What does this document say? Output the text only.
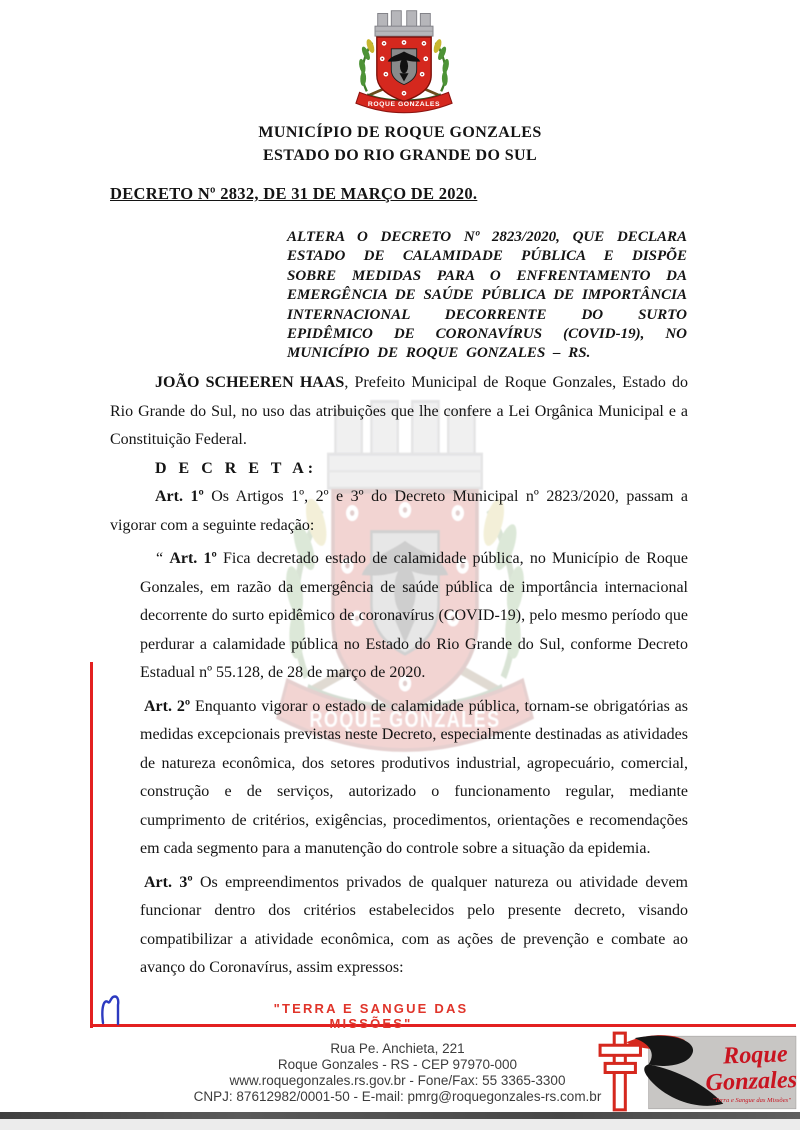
MUNICÍPIO DE ROQUE GONZALES
ESTADO DO RIO GRANDE DO SUL
DECRETO Nº 2832, DE 31 DE MARÇO DE 2020.
ALTERA O DECRETO Nº 2823/2020, QUE DECLARA ESTADO DE CALAMIDADE PÚBLICA E DISPÕE SOBRE MEDIDAS PARA O ENFRENTAMENTO DA EMERGÊNCIA DE SAÚDE PÚBLICA DE IMPORTÂNCIA INTERNACIONAL DECORRENTE DO SURTO EPIDÊMICO DE CORONAVÍRUS (COVID-19), NO MUNICÍPIO DE ROQUE GONZALES – RS.

JOÃO SCHEEREN HAAS, Prefeito Municipal de Roque Gonzales, Estado do Rio Grande do Sul, no uso das atribuições que lhe confere a Lei Orgânica Municipal e a Constituição Federal.

D E C R E T A:

Art. 1º Os Artigos 1º, 2º e 3º do Decreto Municipal nº 2823/2020, passam a vigorar com a seguinte redação:

“ Art. 1º Fica decretado estado de calamidade pública, no Município de Roque Gonzales, em razão da emergência de saúde pública de importância internacional decorrente do surto epidêmico de coronavírus (COVID-19), pelo mesmo período que perdurar a calamidade pública no Estado do Rio Grande do Sul, conforme Decreto Estadual nº 55.128, de 28 de março de 2020.

Art. 2º Enquanto vigorar o estado de calamidade pública, tornam-se obrigatórias as medidas excepcionais previstas neste Decreto, especialmente destinadas as atividades de natureza econômica, dos setores produtivos industrial, agropecuário, comercial, construção e de serviços, autorizado o funcionamento regular, mediante cumprimento de critérios, exigências, procedimentos, orientações e recomendações em cada segmento para a manutenção do controle sobre a situação da epidemia.

Art. 3º Os empreendimentos privados de qualquer natureza ou atividade devem funcionar dentro dos critérios estabelecidos pelo presente decreto, visando compatibilizar a atividade econômica, com as ações de prevenção e combate ao avanço do Coronavírus, assim expressos:

"TERRA E SANGUE DAS MISSÕES"
Rua Pe. Anchieta, 221
Roque Gonzales - RS - CEP 97970-000
www.roquegonzales.rs.gov.br - Fone/Fax: 55 3365-3300
CNPJ: 87612982/0001-50 - E-mail: pmrg@roquegonzales-rs.com.br
Roque
Gonzales
"Terra e Sangue das Missões"
